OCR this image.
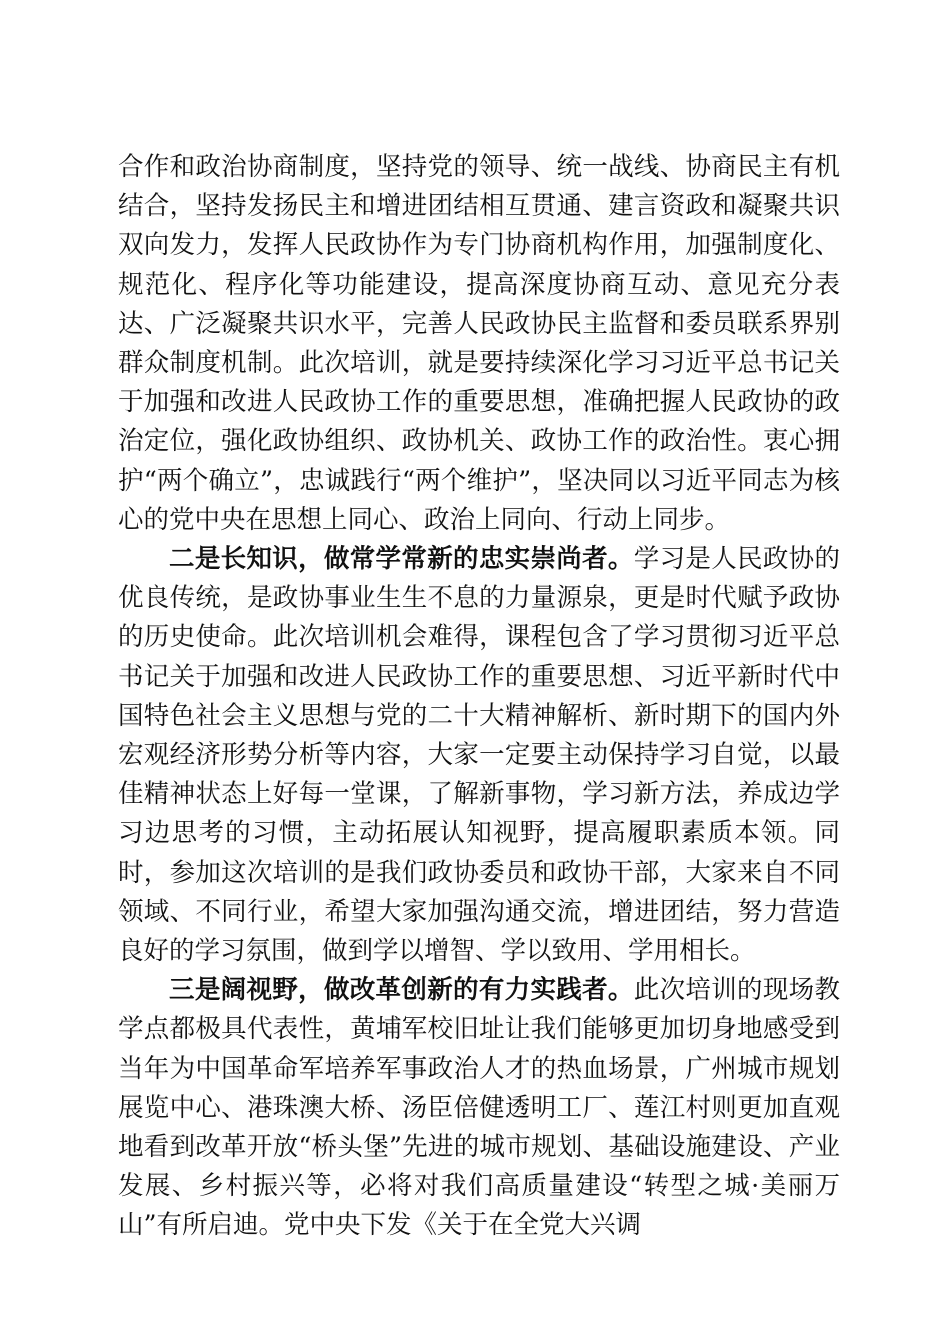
合作和政治协商制度，坚持党的领导、统一战线、协商民主有机结合，坚持发扬民主和增进团结相互贯通、建言资政和凝聚共识双向发力，发挥人民政协作为专门协商机构作用，加强制度化、规范化、程序化等功能建设，提高深度协商互动、意见充分表达、广泛凝聚共识水平，完善人民政协民主监督和委员联系界别群众制度机制。此次培训，就是要持续深化学习习近平总书记关于加强和改进人民政协工作的重要思想，准确把握人民政协的政治定位，强化政协组织、政协机关、政协工作的政治性。衷心拥护“两个确立”，忠诚践行“两个维护”，坚决同以习近平同志为核心的党中央在思想上同心、政治上同向、行动上同步。

二是长知识，做常学常新的忠实崇尚者。学习是人民政协的优良传统，是政协事业生生不息的力量源泉，更是时代赋予政协的历史使命。此次培训机会难得，课程包含了学习贯彻习近平总书记关于加强和改进人民政协工作的重要思想、习近平新时代中国特色社会主义思想与党的二十大精神解析、新时期下的国内外宏观经济形势分析等内容，大家一定要主动保持学习自觉，以最佳精神状态上好每一堂课，了解新事物，学习新方法，养成边学习边思考的习惯，主动拓展认知视野，提高履职素质本领。同时，参加这次培训的是我们政协委员和政协干部，大家来自不同领域、不同行业，希望大家加强沟通交流，增进团结，努力营造良好的学习氛围，做到学以增智、学以致用、学用相长。

三是阔视野，做改革创新的有力实践者。此次培训的现场教学点都极具代表性，黄埔军校旧址让我们能够更加切身地感受到当年为中国革命军培养军事政治人才的热血场景，广州城市规划展览中心、港珠澳大桥、汤臣倍健透明工厂、莲江村则更加直观地看到改革开放“桥头堡”先进的城市规划、基础设施建设、产业发展、乡村振兴等，必将对我们高质量建设“转型之城·美丽万山”有所启迪。党中央下发《关于在全党大兴调
